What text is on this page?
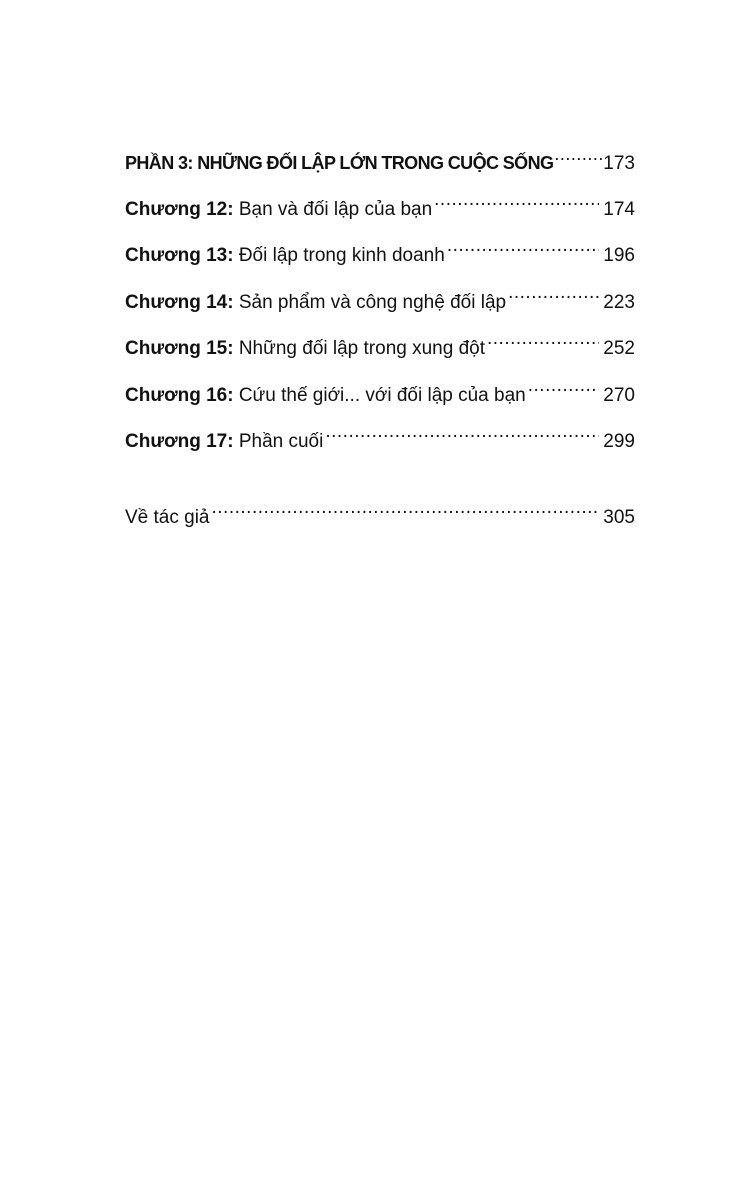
PHẦN 3: NHỮNG ĐỐI LẬP LỚN TRONG CUỘC SỐNG .....	173
Chương 12: Bạn và đối lập của bạn .....	174
Chương 13: Đối lập trong kinh doanh .....	196
Chương 14: Sản phẩm và công nghệ đối lập .....	223
Chương 15: Những đối lập trong xung đột .....	252
Chương 16: Cứu thế giới... với đối lập của bạn .....	270
Chương 17: Phần cuối .....	299
Về tác giả .....	305
